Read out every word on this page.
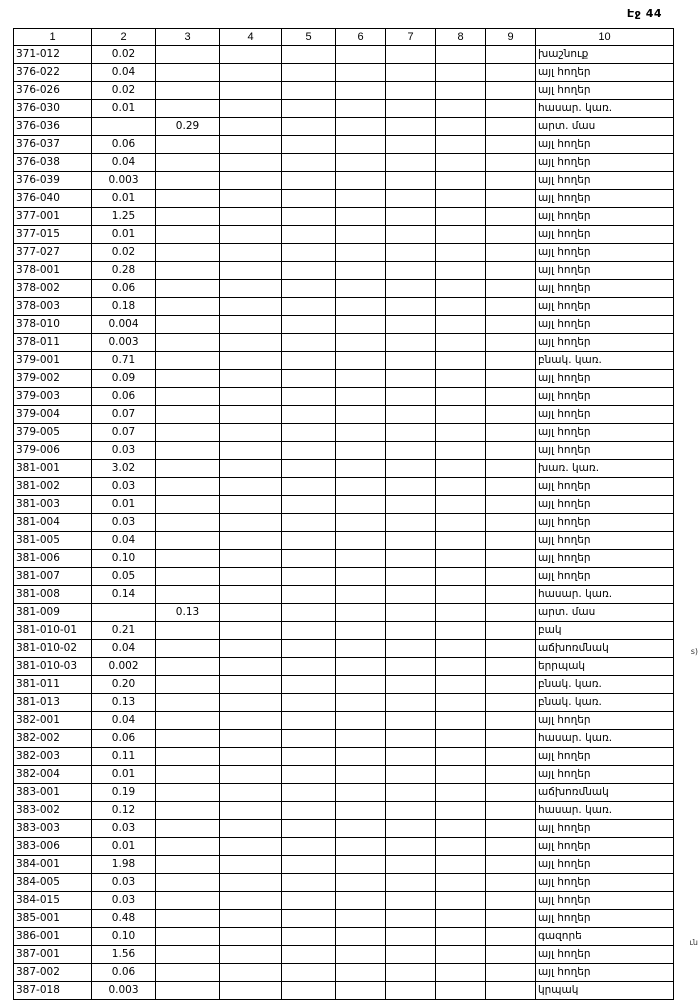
Էջ 44
1	2	3	4	5	6	7	8	9	10
371-012	0.02								խաշնուք
376-022	0.04								այլ հողեր
376-026	0.02								այլ հողեր
376-030	0.01								հասար. կառ.
376-036		0.29							արտ. մաս
376-037	0.06								այլ հողեր
376-038	0.04								այլ հողեր
376-039	0.003								այլ հողեր
376-040	0.01								այլ հողեր
377-001	1.25								այլ հողեր
377-015	0.01								այլ հողեր
377-027	0.02								այլ հողեր
378-001	0.28								այլ հողեր
378-002	0.06								այլ հողեր
378-003	0.18								այլ հողեր
378-010	0.004								այլ հողեր
378-011	0.003								այլ հողեր
379-001	0.71								բնակ. կառ.
379-002	0.09								այլ հողեր
379-003	0.06								այլ հողեր
379-004	0.07								այլ հողեր
379-005	0.07								այլ հողեր
379-006	0.03								այլ հողեր
381-001	3.02								խառ. կառ.
381-002	0.03								այլ հողեր
381-003	0.01								այլ հողեր
381-004	0.03								այլ հողեր
381-005	0.04								այլ հողեր
381-006	0.10								այլ հողեր
381-007	0.05								այլ հողեր
381-008	0.14								հասար. կառ.
381-009		0.13							արտ. մաս
381-010-01	0.21								բակ
381-010-02	0.04								աճխոռմնակ
381-010-03	0.002								երրպակ
381-011	0.20								բնակ. կառ.
381-013	0.13								բնակ. կառ.
382-001	0.04								այլ հողեր
382-002	0.06								հասար. կառ.
382-003	0.11								այլ հողեր
382-004	0.01								այլ հողեր
383-001	0.19								աճխոռմնակ
383-002	0.12								հասար. կառ.
383-003	0.03								այլ հողեր
383-006	0.01								այլ հողեր
384-001	1.98								այլ հողեր
384-005	0.03								այլ հողեր
384-015	0.03								այլ հողեր
385-001	0.48								այլ հողեր
386-001	0.10								գազորե
387-001	1.56								այլ հողեր
387-002	0.06								այլ հողեր
387-018	0.003								կրպակ
s)
ւն
